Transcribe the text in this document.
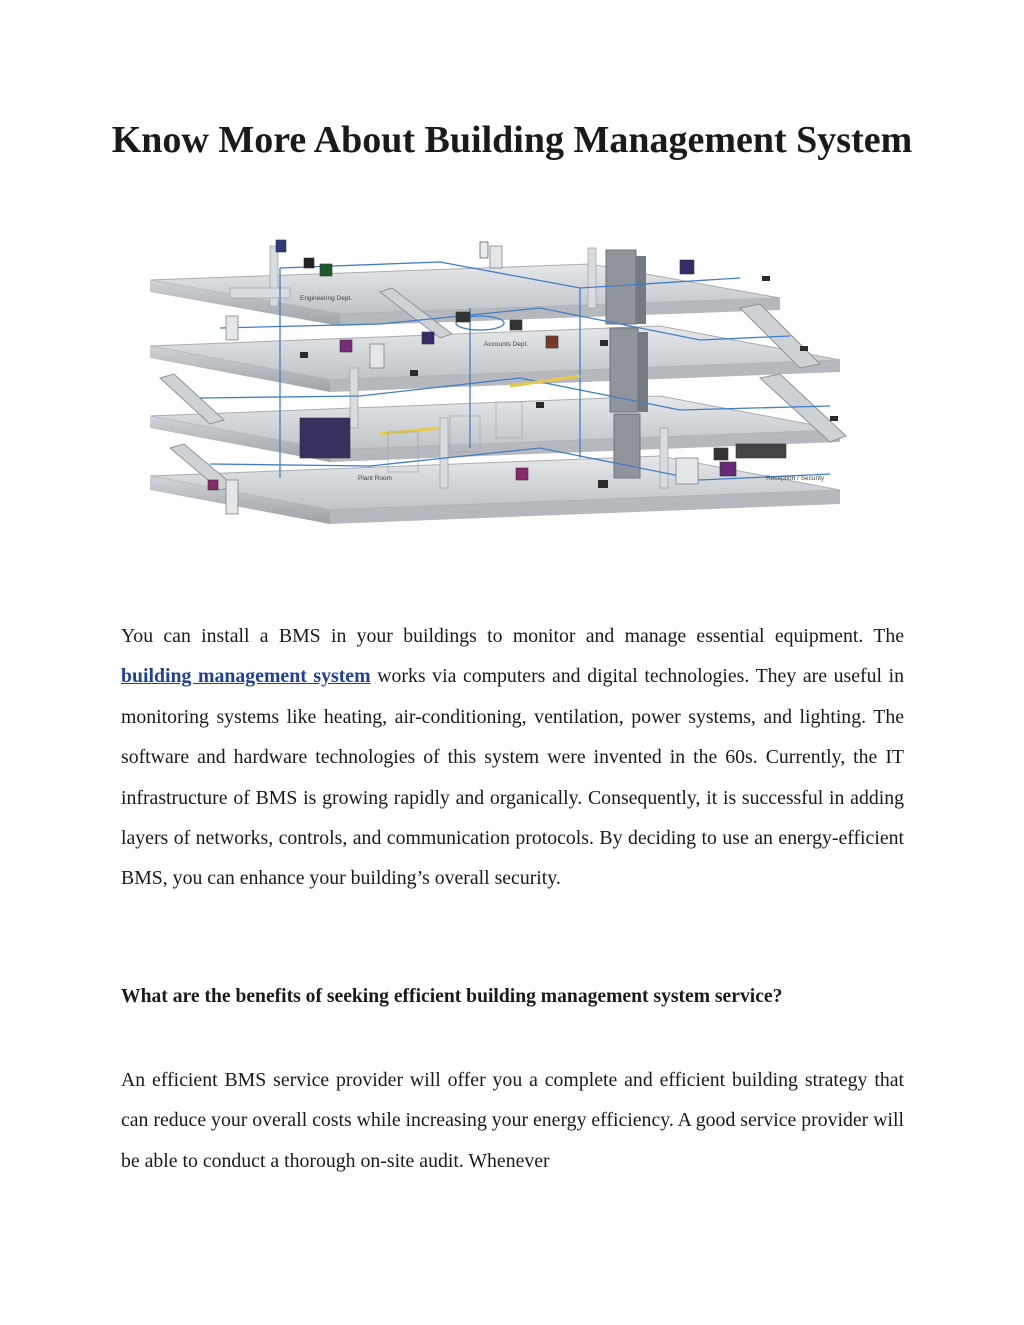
Know More About Building Management System
Engineering Dept.
Accounts Dept.
Plant Room	Reception / Security

You can install a BMS in your buildings to monitor and manage essential equipment. The building management system works via computers and digital technologies. They are useful in monitoring systems like heating, air-conditioning, ventilation, power systems, and lighting. The software and hardware technologies of this system were invented in the 60s. Currently, the IT infrastructure of BMS is growing rapidly and organically. Consequently, it is successful in adding layers of networks, controls, and communication protocols. By deciding to use an energy-efficient BMS, you can enhance your building’s overall security.

What are the benefits of seeking efficient building management system service?

An efficient BMS service provider will offer you a complete and efficient building strategy that can reduce your overall costs while increasing your energy efficiency. A good service provider will be able to conduct a thorough on-site audit. Whenever
